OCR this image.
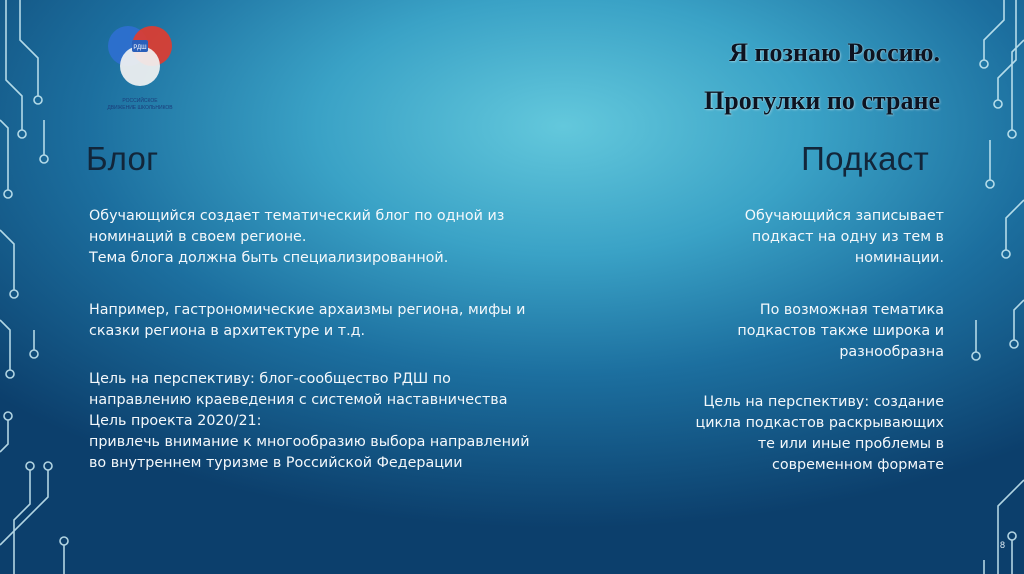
РДШ
РОССИЙСКОЕ
ДВИЖЕНИЕ ШКОЛЬНИКОВ
Я познаю Россию.
Прогулки по стране
Блог	Подкаст
Обучающийся создает тематический блог по одной из
номинаций в своем регионе.
Тема блога должна быть специализированной.
Например, гастрономические архаизмы региона, мифы и
сказки региона в архитектуре и т.д.
Цель на перспективу: блог-сообщество РДШ по
направлению краеведения с системой наставничества
Цель проекта 2020/21:
привлечь внимание к многообразию выбора направлений
во внутреннем туризме в Российской Федерации
Обучающийся записывает
подкаст на одну из тем в
номинации.
По возможная тематика
подкастов также широка и
разнообразна
Цель на перспективу: создание
цикла подкастов раскрывающих
те или иные проблемы в
современном формате
8
